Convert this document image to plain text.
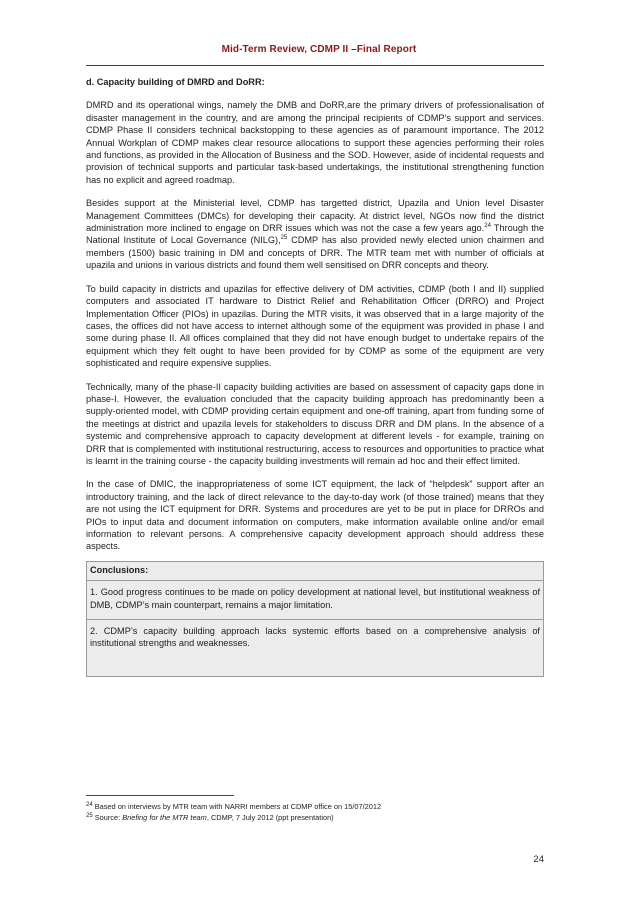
Mid-Term Review, CDMP II –Final Report
d. Capacity building of DMRD and DoRR:

DMRD and its operational wings, namely the DMB and DoRR,are the primary drivers of professionalisation of disaster management in the country, and are among the principal recipients of CDMP’s support and services. CDMP Phase II considers technical backstopping to these agencies as of paramount importance. The 2012 Annual Workplan of CDMP makes clear resource allocations to support these agencies performing their roles and functions, as provided in the Allocation of Business and the SOD. However, aside of incidental requests and provision of technical supports and particular task-based undertakings, the institutional strengthening function has no explicit and agreed roadmap.

Besides support at the Ministerial level, CDMP has targetted district, Upazila and Union level Disaster Management Committees (DMCs) for developing their capacity. At district level, NGOs now find the district administration more inclined to engage on DRR issues which was not the case a few years ago.$^{24}$ Through the National Institute of Local Governance (NILG),$^{25}$ CDMP has also provided newly elected union chairmen and members (1500) basic training in DM and concepts of DRR. The MTR team met with number of officials at upazila and unions in various districts and found them well sensitised on DRR concepts and theory.

To build capacity in districts and upazilas for effective delivery of DM activities, CDMP (both I and II) supplied computers and associated IT hardware to District Relief and Rehabilitation Officer (DRRO) and Project Implementation Officer (PIOs) in upazilas. During the MTR visits, it was observed that in a large majority of the cases, the offices did not have access to internet although some of the equipment was provided in phase I and some during phase II. All offices complained that they did not have enough budget to undertake repairs of the equipment which they felt ought to have been provided for by CDMP as some of the equipment are very sophisticated and require expensive supplies.

Technically, many of the phase-II capacity building activities are based on assessment of capacity gaps done in phase-I. However, the evaluation concluded that the capacity building approach has predominantly been a supply-oriented model, with CDMP providing certain equipment and one-off training, apart from funding some of the meetings at district and upazila levels for stakeholders to discuss DRR and DM plans. In the absence of a systemic and comprehensive approach to capacity development at different levels - for example, training on DRR that is complemented with institutional restructuring, access to resources and opportunities to practice what is learnt in the training course - the capacity building investments will remain ad hoc and their effect limited.

In the case of DMIC, the inappropriateness of some ICT equipment, the lack of “helpdesk” support after an introductory training, and the lack of direct relevance to the day-to-day work (of those trained) means that they are not using the ICT equipment for DRR. Systems and procedures are yet to be put in place for DRROs and PIOs to input data and document information on computers, make information available online and/or email information to relevant persons. A comprehensive capacity development approach should address these aspects.

Conclusions:
1. Good progress continues to be made on policy development at national level, but institutional weakness of DMB, CDMP’s main counterpart, remains a major limitation.
2. CDMP’s capacity building approach lacks systemic efforts based on a comprehensive analysis of institutional strengths and weaknesses.
$^{24}$ Based on interviews by MTR team with NARRI members at CDMP office on 15/07/2012
$^{25}$ Source: Briefing for the MTR team, CDMP, 7 July 2012 (ppt presentation)
24
